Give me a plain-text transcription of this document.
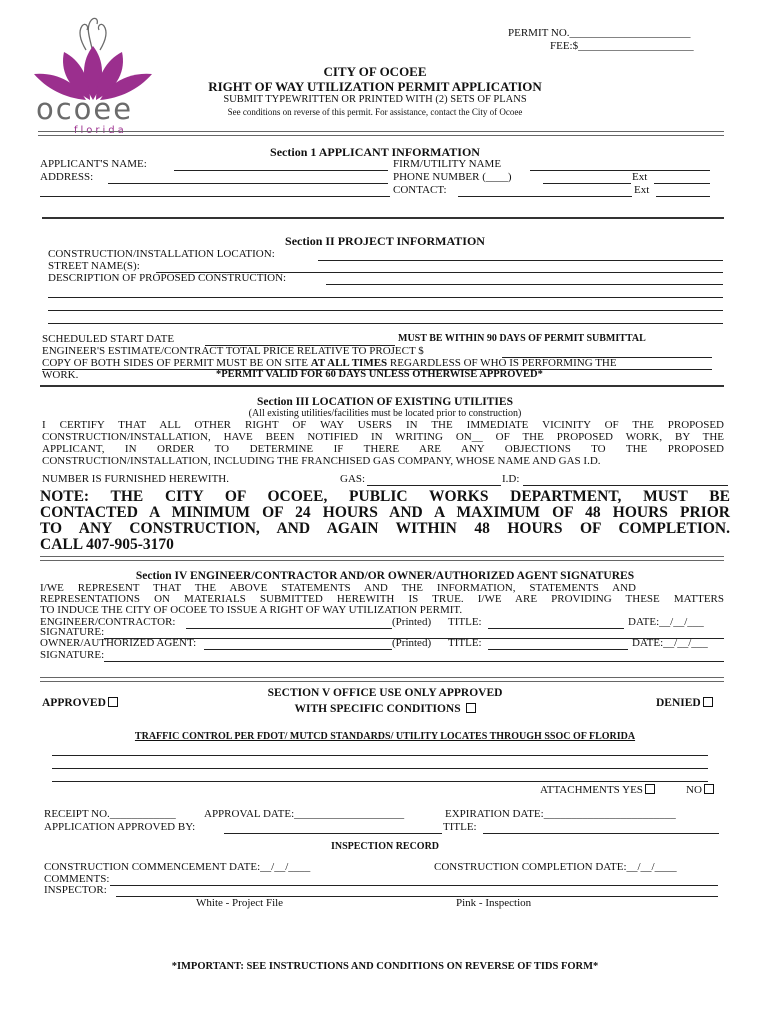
ocoee
florida
PERMIT NO.______________________
FEE:$_____________________
CITY OF OCOEE
RIGHT OF WAY UTILIZATION PERMIT APPLICATION
SUBMIT TYPEWRITTEN OR PRINTED WITH (2) SETS OF PLANS
See conditions on reverse of this permit. For assistance, contact the City of Ocoee
Section 1 APPLICANT INFORMATION
APPLICANT'S NAME:	FIRM/UTILITY NAME
ADDRESS:	PHONE NUMBER (____)	Ext
CONTACT:	Ext
Section II PROJECT INFORMATION
CONSTRUCTION/INSTALLATION LOCATION:
STREET NAME(S):
DESCRIPTION OF PROPOSED CONSTRUCTION:
SCHEDULED START DATE	MUST BE WITHIN 90 DAYS OF PERMIT SUBMITTAL
ENGINEER'S ESTIMATE/CONTRACT TOTAL PRICE RELATIVE TO PROJECT $
COPY OF BOTH SIDES OF PERMIT MUST BE ON SITE AT ALL TIMES REGARDLESS OF WHO IS PERFORMING THE
WORK.	*PERMIT VALID FOR 60 DAYS UNLESS OTHERWISE APPROVED*
Section III LOCATION OF EXISTING UTILITIES
(All existing utilities/facilities must be located prior to construction)
I CERTIFY THAT ALL OTHER RIGHT OF WAY USERS IN THE IMMEDIATE VICINITY OF THE PROPOSED
CONSTRUCTION/INSTALLATION, HAVE BEEN NOTIFIED IN WRITING ON__ OF THE PROPOSED WORK, BY THE
APPLICANT, IN ORDER TO DETERMINE IF THERE ARE ANY OBJECTIONS TO THE PROPOSED
CONSTRUCTION/INSTALLATION, INCLUDING THE FRANCHISED GAS COMPANY, WHOSE NAME AND GAS I.D.
NUMBER IS FURNISHED HEREWITH.	GAS:	I.D:
NOTE: THE CITY OF OCOEE, PUBLIC WORKS DEPARTMENT, MUST BE
CONTACTED A MINIMUM OF 24 HOURS AND A MAXIMUM OF 48 HOURS PRIOR
TO ANY CONSTRUCTION, AND AGAIN WITHIN 48 HOURS OF COMPLETION.
CALL 407-905-3170
Section IV ENGINEER/CONTRACTOR AND/OR OWNER/AUTHORIZED AGENT SIGNATURES
I/WE REPRESENT THAT THE ABOVE STATEMENTS AND THE INFORMATION, STATEMENTS AND
REPRESENTATIONS ON MATERIALS SUBMITTED HEREWITH IS TRUE. I/WE ARE PROVIDING THESE MATTERS
TO INDUCE THE CITY OF OCOEE TO ISSUE A RIGHT OF WAY UTILIZATION PERMIT.
ENGINEER/CONTRACTOR:	(Printed) TITLE:	DATE:__/__/___
SIGNATURE:
OWNER/AUTHORIZED AGENT:	(Printed) TITLE:	DATE:__/__/___
SIGNATURE:
APPROVED
SECTION V OFFICE USE ONLY APPROVED
WITH SPECIFIC CONDITIONS	DENIED
TRAFFIC CONTROL PER FDOT/ MUTCD STANDARDS/ UTILITY LOCATES THROUGH SSOC OF FLORIDA
ATTACHMENTS YES	NO
RECEIPT NO.____________	APPROVAL DATE:____________________	EXPIRATION DATE:________________________
APPLICATION APPROVED BY:	TITLE:
INSPECTION RECORD
CONSTRUCTION COMMENCEMENT DATE:__/__/____	CONSTRUCTION COMPLETION DATE:__/__/____
COMMENTS:
INSPECTOR:
White - Project File	Pink - Inspection
*IMPORTANT: SEE INSTRUCTIONS AND CONDITIONS ON REVERSE OF TIDS FORM*
